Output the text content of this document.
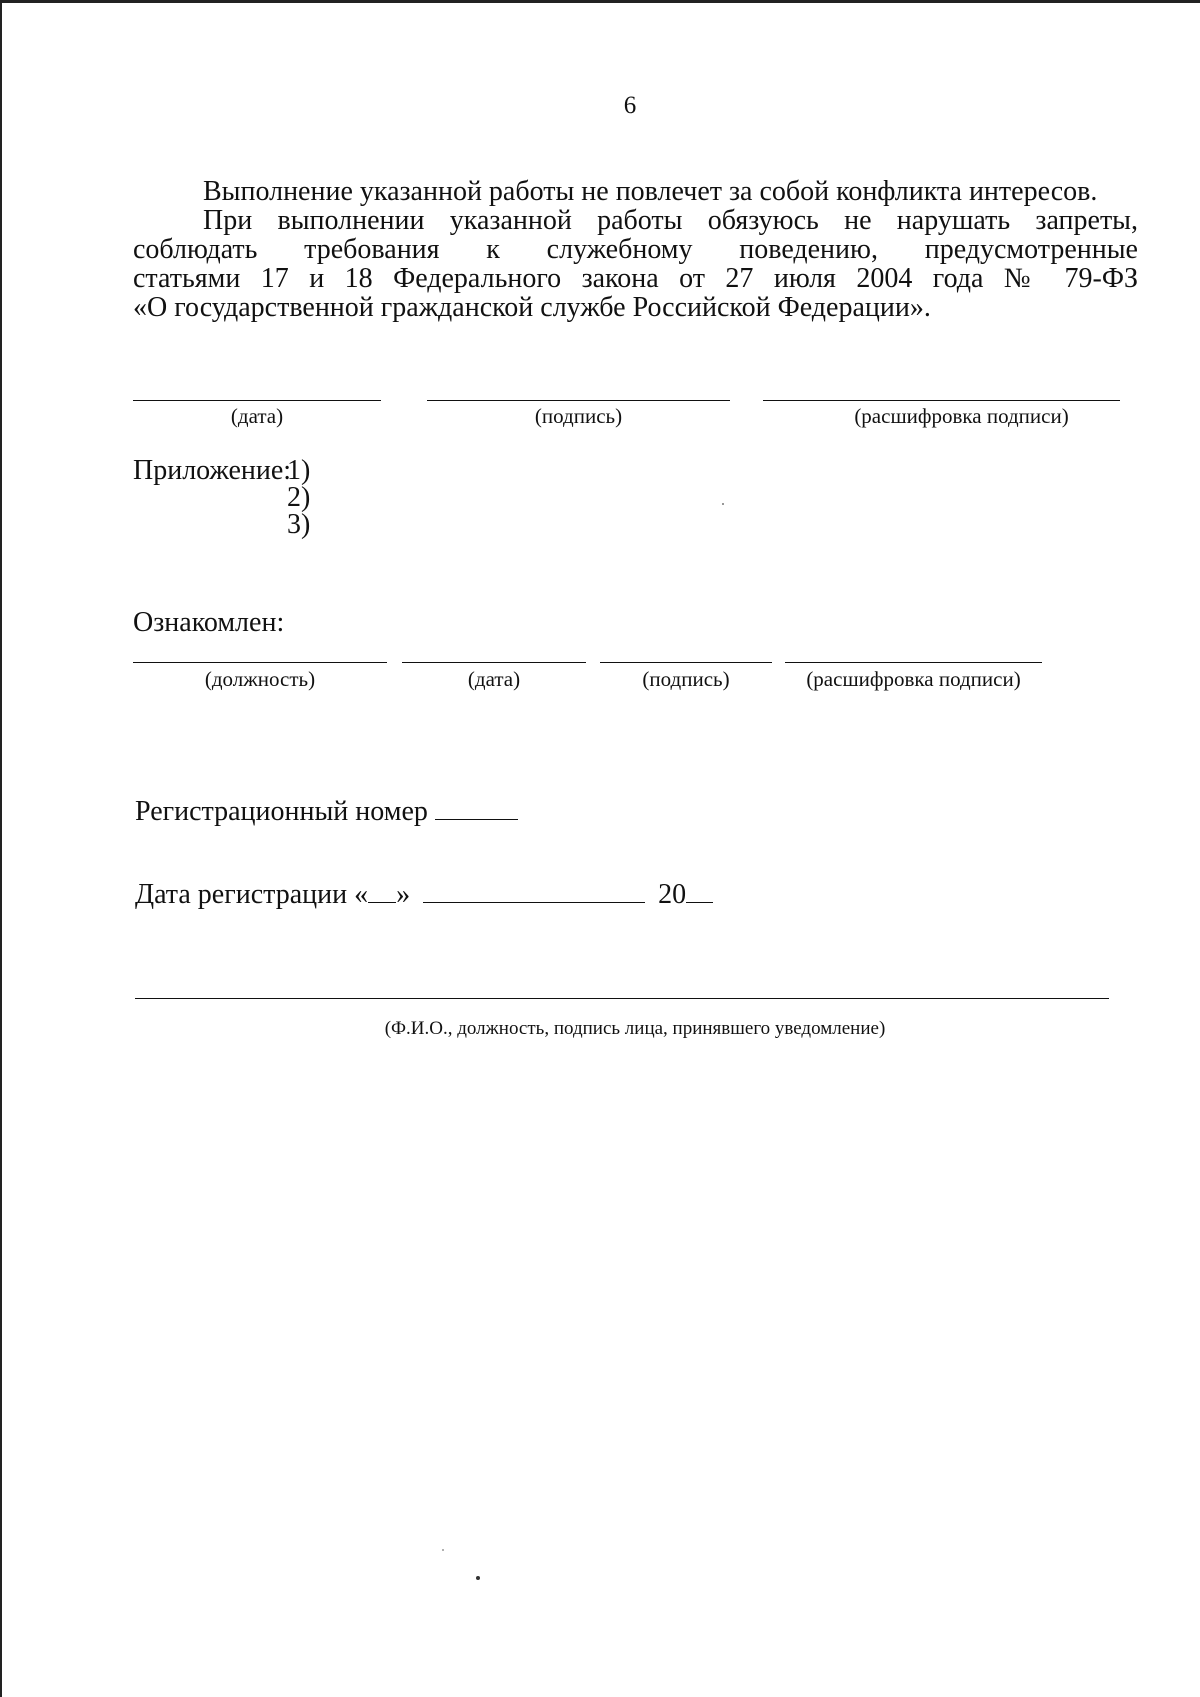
6
Выполнение указанной работы не повлечет за собой конфликта интересов.
При выполнении указанной работы обязуюсь не нарушать запреты,
соблюдать требования к служебному поведению, предусмотренные
статьями 17 и 18 Федерального закона от 27 июля 2004 года № 79-ФЗ
«О государственной гражданской службе Российской Федерации».
(дата)	(подпись)	(расшифровка подписи)
Приложение:
1)
2)
3)
Ознакомлен:
(должность)	(дата)	(подпись)	(расшифровка подписи)
Регистрационный номер
Дата регистрации « »	20
(Ф.И.О., должность, подпись лица, принявшего уведомление)
